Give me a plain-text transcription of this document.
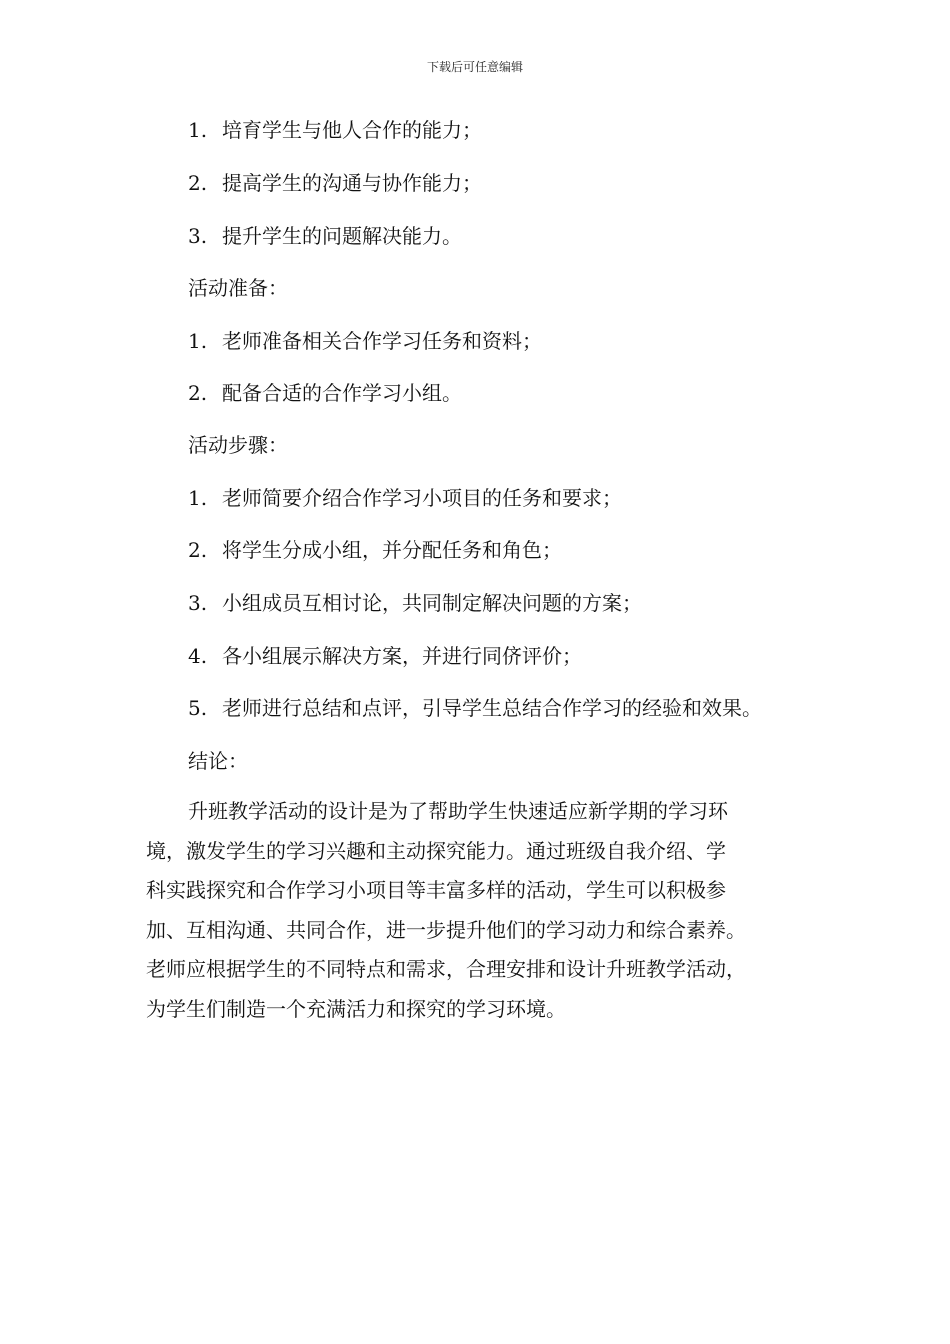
下载后可任意编辑
1. 培育学生与他人合作的能力；
2. 提高学生的沟通与协作能力；
3. 提升学生的问题解决能力。
活动准备：
1. 老师准备相关合作学习任务和资料；
2. 配备合适的合作学习小组。
活动步骤：
1. 老师简要介绍合作学习小项目的任务和要求；
2. 将学生分成小组，并分配任务和角色；
3. 小组成员互相讨论，共同制定解决问题的方案；
4. 各小组展示解决方案，并进行同侪评价；
5. 老师进行总结和点评，引导学生总结合作学习的经验和效果。
结论：
升班教学活动的设计是为了帮助学生快速适应新学期的学习环
境，激发学生的学习兴趣和主动探究能力。通过班级自我介绍、学
科实践探究和合作学习小项目等丰富多样的活动，学生可以积极参
加、互相沟通、共同合作，进一步提升他们的学习动力和综合素养。
老师应根据学生的不同特点和需求，合理安排和设计升班教学活动，
为学生们制造一个充满活力和探究的学习环境。
